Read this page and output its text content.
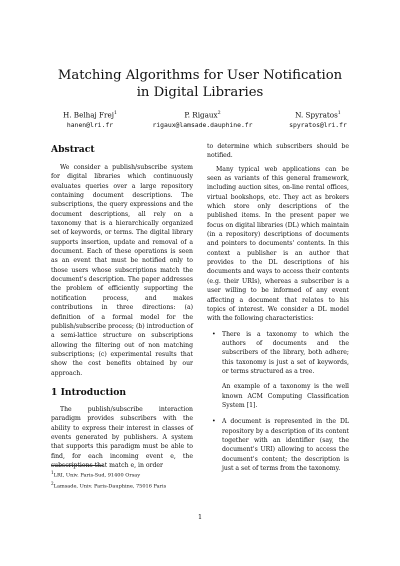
Matching Algorithms for User Notification
in Digital Libraries
H. Belhaj Frej$^1$
hanen@lri.fr
P. Rigaux$^2$
rigaux@lamsade.dauphine.fr
N. Spyratos$^1$
spyratos@lri.fr
Abstract

We consider a publish/subscribe system for digital libraries which continuously evaluates queries over a large repository containing document descriptions. The subscriptions, the query expressions and the document descriptions, all rely on a taxonomy that is a hierarchically organized set of keywords, or terms. The digital library supports insertion, update and removal of a document. Each of these operations is seen as an event that must be notified only to those users whose subscriptions match the document's description. The paper addresses the problem of efficiently supporting the notification process, and makes contributions in three directions: (a) definition of a formal model for the publish/subscribe process; (b) introduction of a semi-lattice structure on subscriptions allowing the filtering out of non matching subscriptions; (c) experimental results that show the cost benefits obtained by our approach.

1 Introduction

The publish/subscribe interaction paradigm provides subscribers with the ability to express their interest in classes of events generated by publishers. A system that supports this paradigm must be able to find, for each incoming event e, the subscriptions that match e, in order

to determine which subscribers should be notified.

Many typical web applications can be seen as variants of this general framework, including auction sites, on-line rental offices, virtual bookshops, etc. They act as brokers which store only descriptions of the published items. In the present paper we focus on digital libraries (DL) which maintain (in a repository) descriptions of documents and pointers to documents' contents. In this context a publisher is an author that provides to the DL descriptions of his documents and ways to access their contents (e.g. their URIs), whereas a subscriber is a user willing to be informed of any event affecting a document that relates to his topics of interest. We consider a DL model with the following characteristics:

• There is a taxonomy to which the authors of documents and the subscribers of the library, both adhere; this taxonomy is just a set of keywords, or terms structured as a tree.

An example of a taxonomy is the well known ACM Computing Classification System [1].

• A document is represented in the DL repository by a description of its content together with an identifier (say, the document's URI) allowing to access the document's content; the description is just a set of terms from the taxonomy.

$^1$LRI, Univ. Paris-Sud, 91400 Orsay
$^2$Lamsade, Univ. Paris-Dauphine, 75016 Paris
1
